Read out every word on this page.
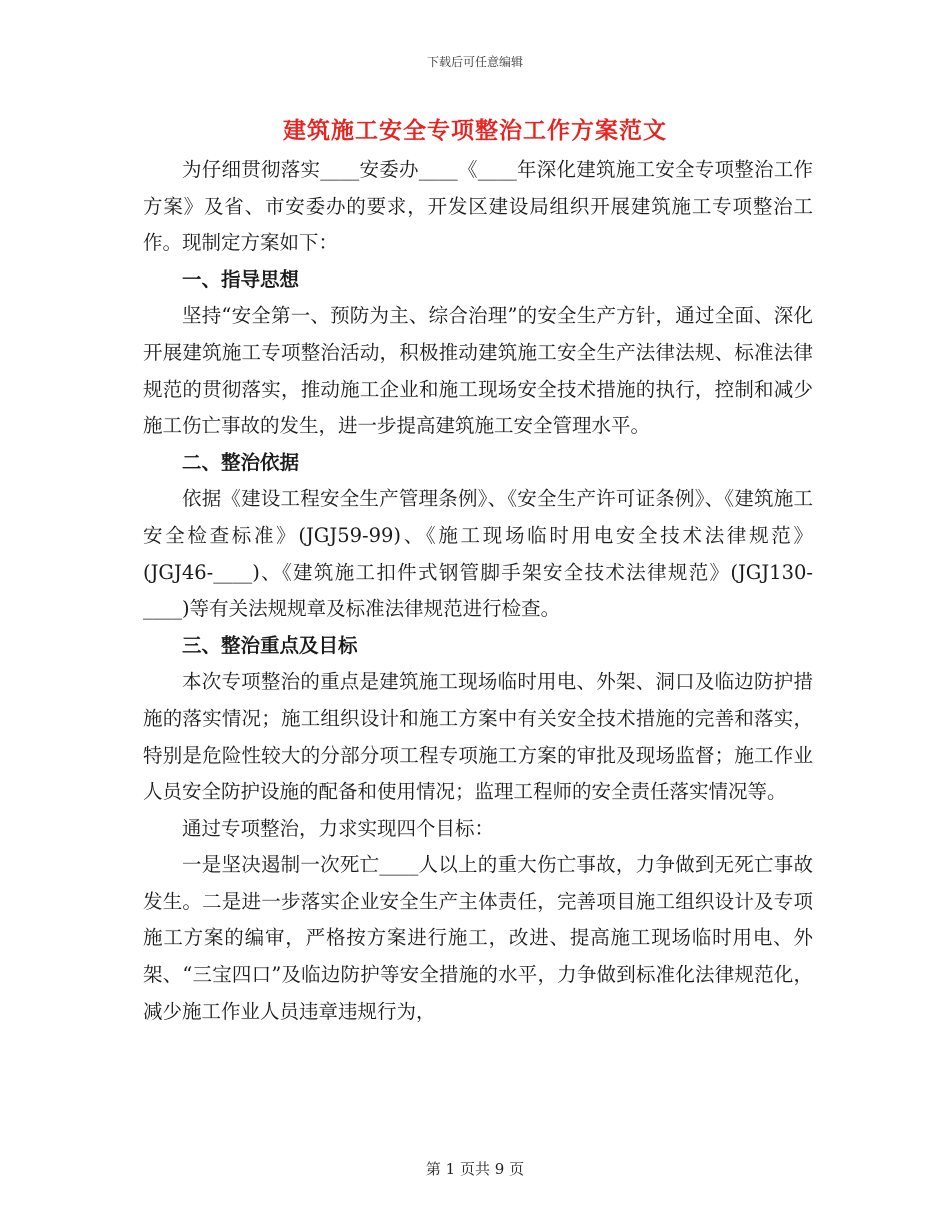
下载后可任意编辑
建筑施工安全专项整治工作方案范文

为仔细贯彻落实____安委办____《____年深化建筑施工安全专项整治工作方案》及省、市安委办的要求，开发区建设局组织开展建筑施工专项整治工作。现制定方案如下：

一、指导思想

坚持“安全第一、预防为主、综合治理”的安全生产方针，通过全面、深化开展建筑施工专项整治活动，积极推动建筑施工安全生产法律法规、标准法律规范的贯彻落实，推动施工企业和施工现场安全技术措施的执行，控制和减少施工伤亡事故的发生，进一步提高建筑施工安全管理水平。

二、整治依据

依据《建设工程安全生产管理条例》、《安全生产许可证条例》、《建筑施工安全检查标准》(JGJ59-99)、《施工现场临时用电安全技术法律规范》(JGJ46-____)、《建筑施工扣件式钢管脚手架安全技术法律规范》(JGJ130-____)等有关法规规章及标准法律规范进行检查。

三、整治重点及目标

本次专项整治的重点是建筑施工现场临时用电、外架、洞口及临边防护措施的落实情况；施工组织设计和施工方案中有关安全技术措施的完善和落实，特别是危险性较大的分部分项工程专项施工方案的审批及现场监督；施工作业人员安全防护设施的配备和使用情况；监理工程师的安全责任落实情况等。

通过专项整治，力求实现四个目标：

一是坚决遏制一次死亡____人以上的重大伤亡事故，力争做到无死亡事故发生。二是进一步落实企业安全生产主体责任，完善项目施工组织设计及专项施工方案的编审，严格按方案进行施工，改进、提高施工现场临时用电、外架、“三宝四口”及临边防护等安全措施的水平，力争做到标准化法律规范化，减少施工作业人员违章违规行为，

第 1 页共 9 页
